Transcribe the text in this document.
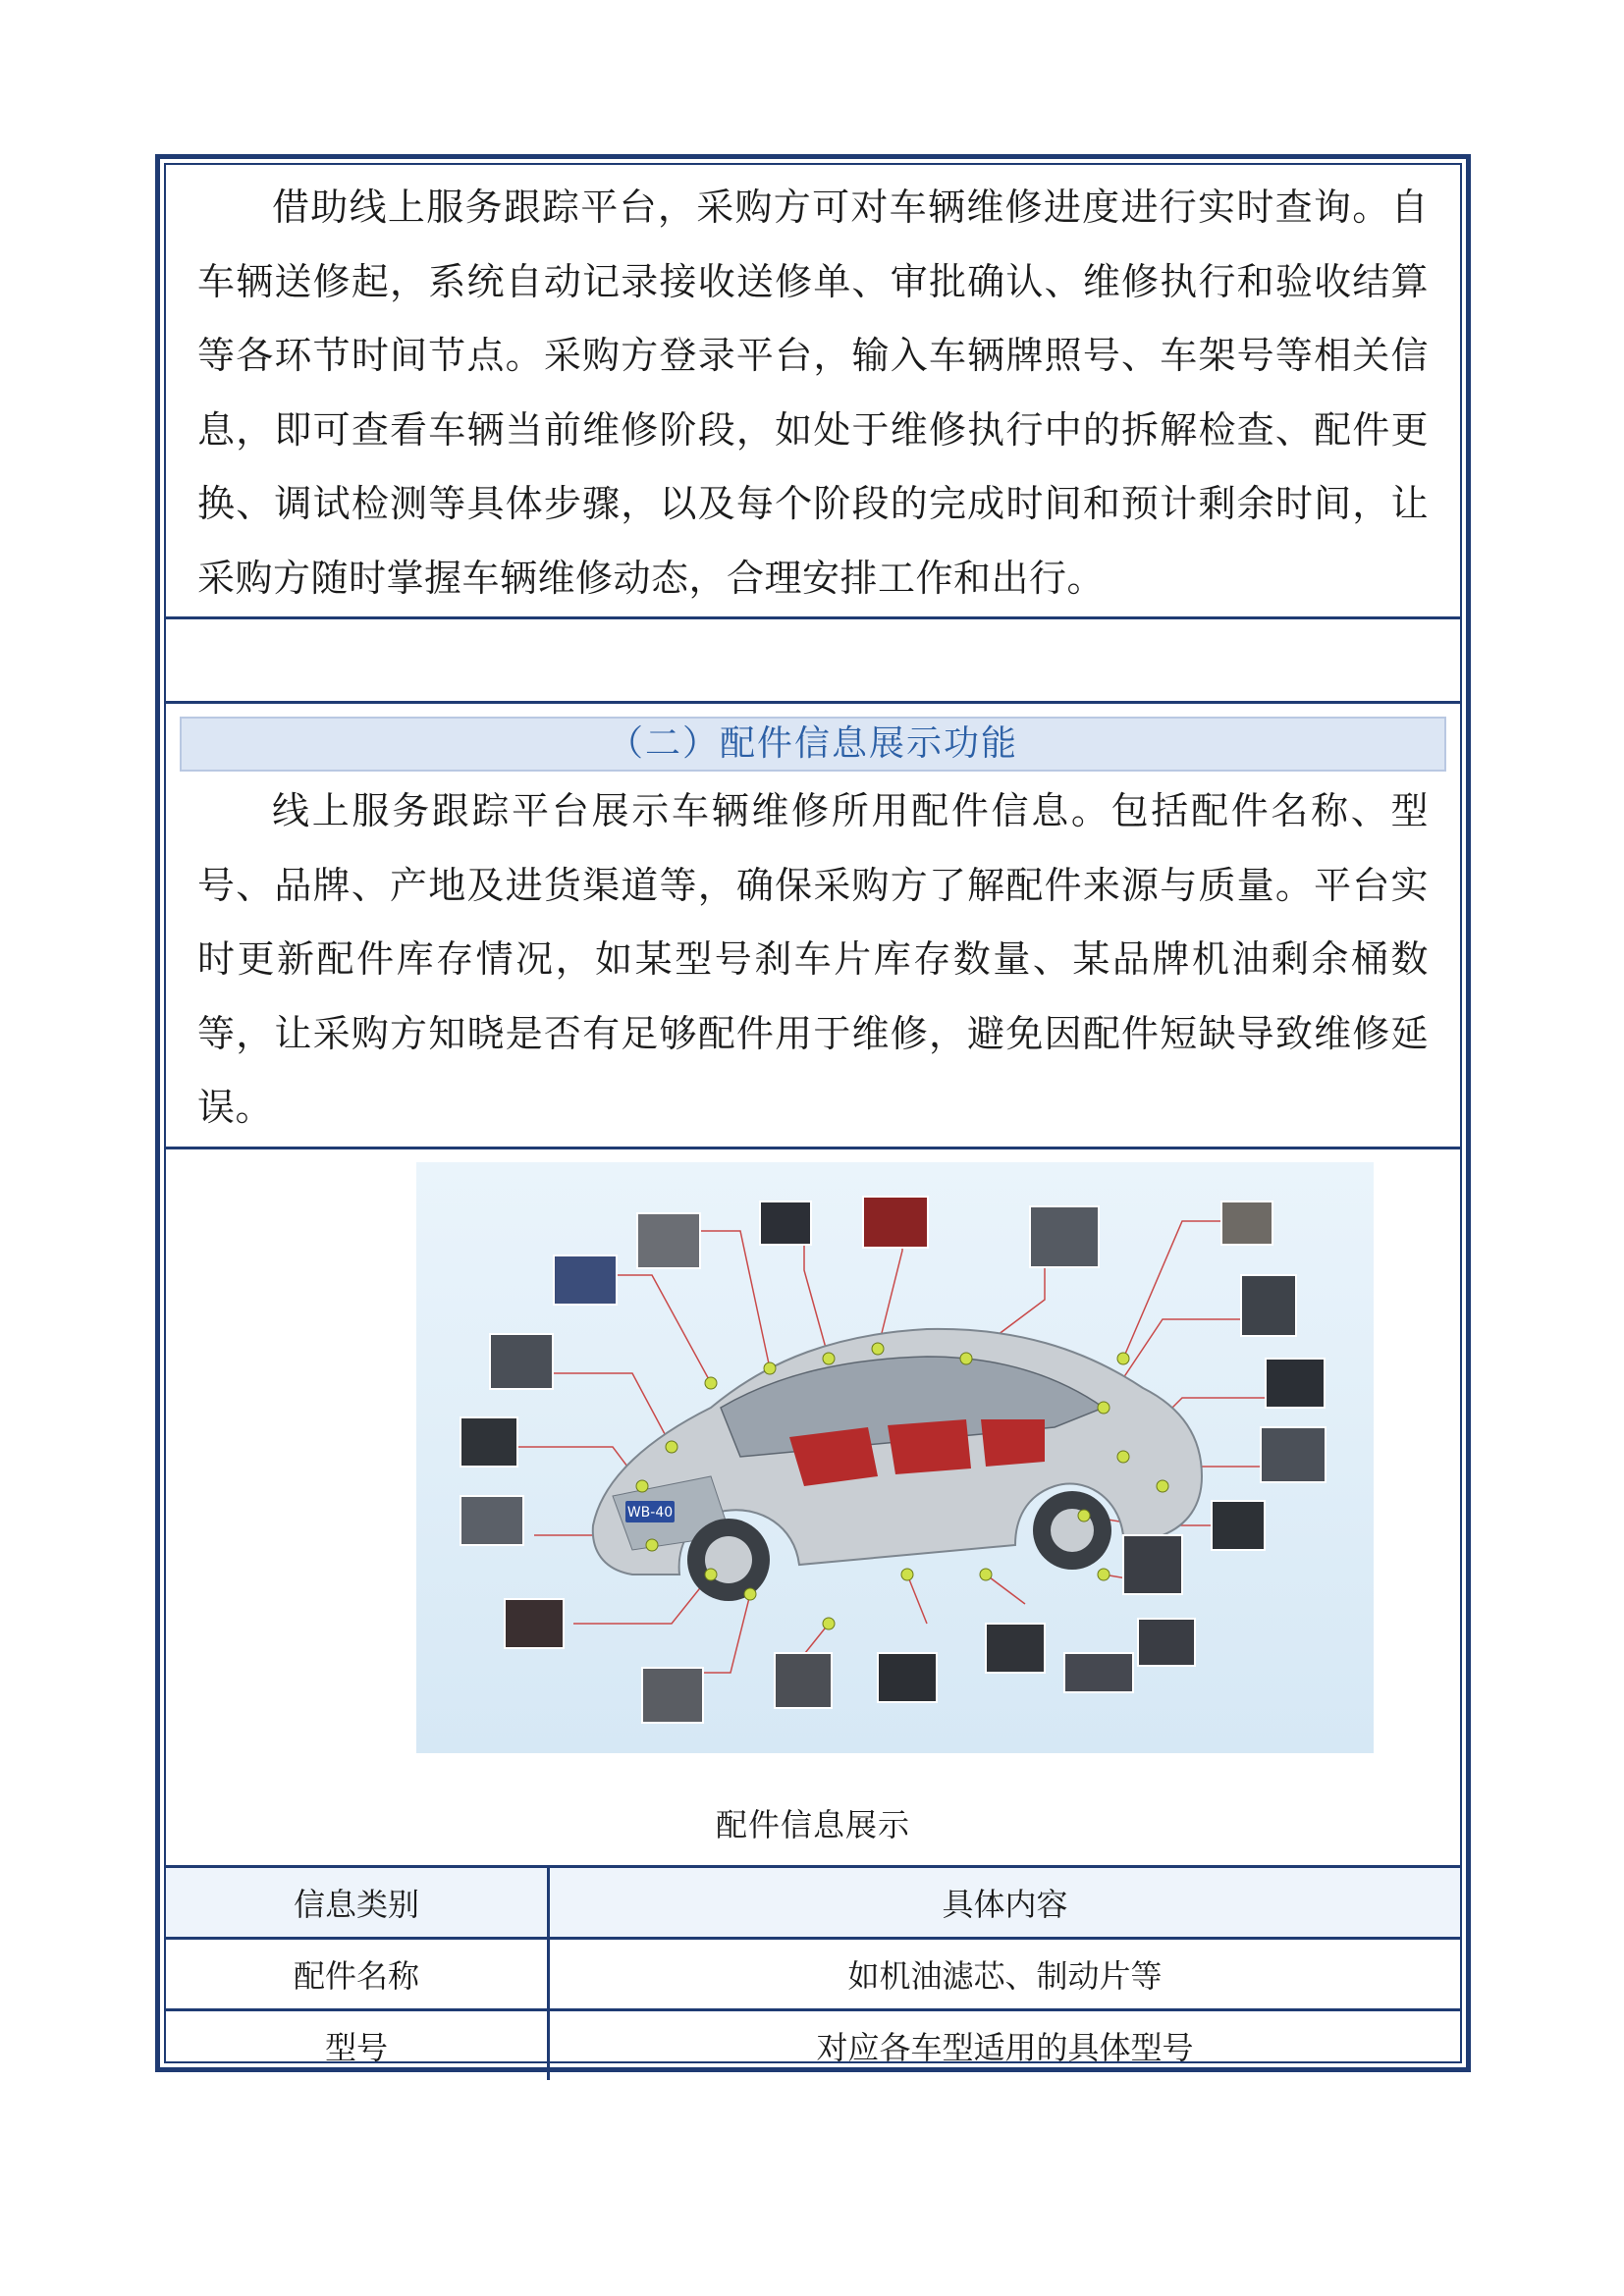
借助线上服务跟踪平台，采购方可对车辆维修进度进行实时查询。自车辆送修起，系统自动记录接收送修单、审批确认、维修执行和验收结算等各环节时间节点。采购方登录平台，输入车辆牌照号、车架号等相关信息，即可查看车辆当前维修阶段，如处于维修执行中的拆解检查、配件更换、调试检测等具体步骤，以及每个阶段的完成时间和预计剩余时间，让采购方随时掌握车辆维修动态，合理安排工作和出行。
（二）配件信息展示功能
线上服务跟踪平台展示车辆维修所用配件信息。包括配件名称、型号、品牌、产地及进货渠道等，确保采购方了解配件来源与质量。平台实时更新配件库存情况，如某型号刹车片库存数量、某品牌机油剩余桶数等，让采购方知晓是否有足够配件用于维修，避免因配件短缺导致维修延误。
WB-40
配件信息展示
信息类别	具体内容
配件名称	如机油滤芯、制动片等
型号	对应各车型适用的具体型号
